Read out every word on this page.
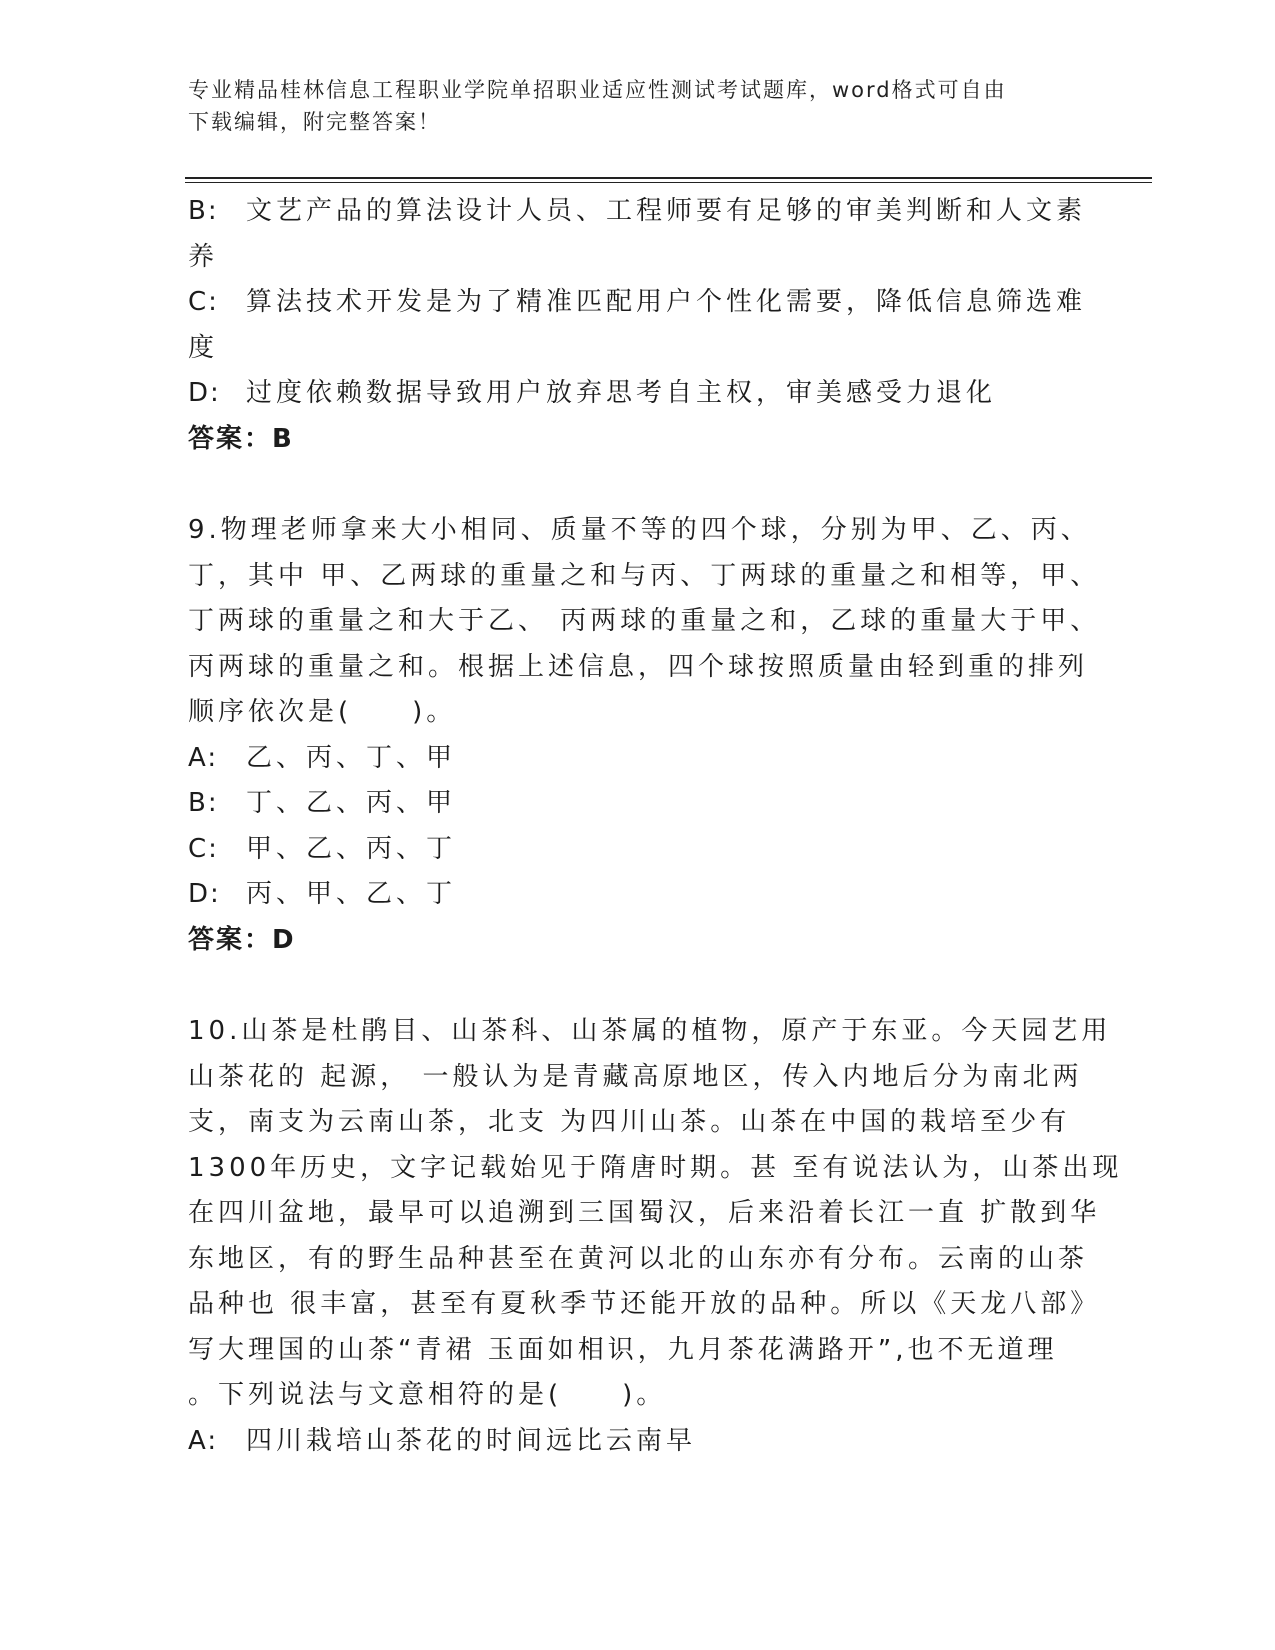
专业精品桂林信息工程职业学院单招职业适应性测试考试题库，word格式可自由
下载编辑，附完整答案！
B: 文艺产品的算法设计人员、工程师要有足够的审美判断和人文素
养
C: 算法技术开发是为了精准匹配用户个性化需要，降低信息筛选难
度
D: 过度依赖数据导致用户放弃思考自主权，审美感受力退化
答案：B
9.物理老师拿来大小相同、质量不等的四个球，分别为甲、乙、丙、
丁，其中 甲、乙两球的重量之和与丙、丁两球的重量之和相等，甲、
丁两球的重量之和大于乙、 丙两球的重量之和，乙球的重量大于甲、
丙两球的重量之和。根据上述信息，四个球按照质量由轻到重的排列
顺序依次是(　　)。
A: 乙、丙、丁、甲
B: 丁、乙、丙、甲
C: 甲、乙、丙、丁
D: 丙、甲、乙、丁
答案：D
10.山茶是杜鹃目、山茶科、山茶属的植物，原产于东亚。今天园艺用
山茶花的 起源， 一般认为是青藏高原地区，传入内地后分为南北两
支，南支为云南山茶，北支 为四川山茶。山茶在中国的栽培至少有
1300年历史，文字记载始见于隋唐时期。甚 至有说法认为，山茶出现
在四川盆地，最早可以追溯到三国蜀汉，后来沿着长江一直 扩散到华
东地区，有的野生品种甚至在黄河以北的山东亦有分布。云南的山茶
品种也 很丰富，甚至有夏秋季节还能开放的品种。所以《天龙八部》
写大理国的山茶“青裙 玉面如相识，九月茶花满路开”,也不无道理
。下列说法与文意相符的是(　　)。
A: 四川栽培山茶花的时间远比云南早
